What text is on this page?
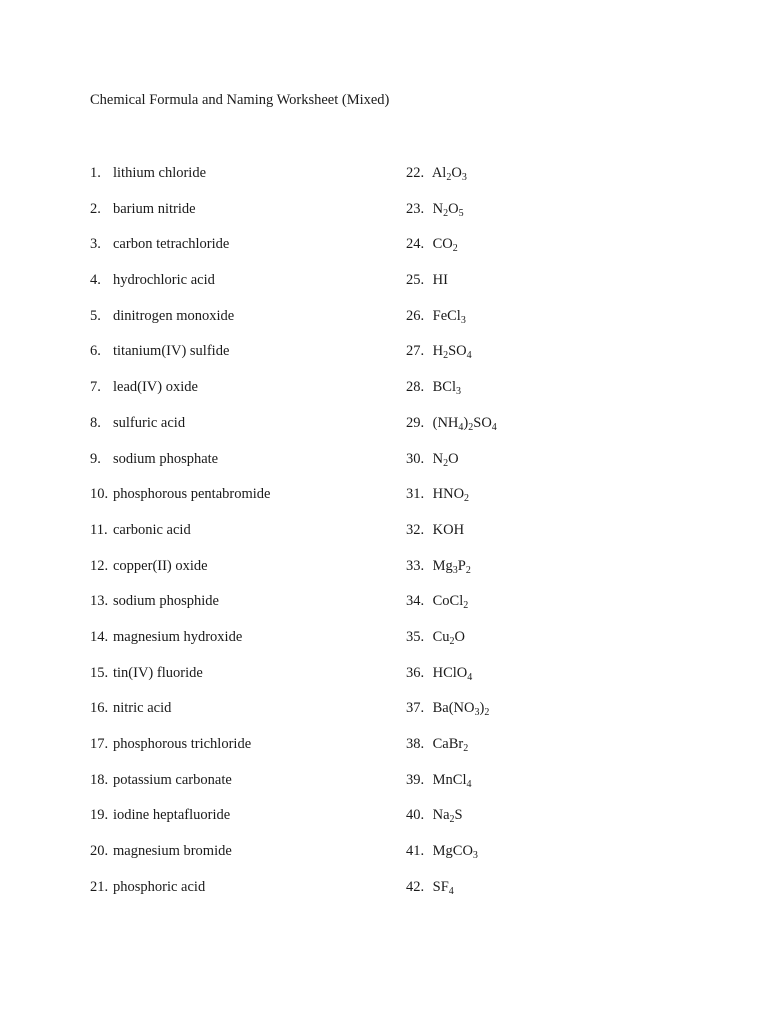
Chemical Formula and Naming Worksheet (Mixed)
1. lithium chloride
2. barium nitride
3. carbon tetrachloride
4. hydrochloric acid
5. dinitrogen monoxide
6. titanium(IV) sulfide
7. lead(IV) oxide
8. sulfuric acid
9. sodium phosphate
10. phosphorous pentabromide
11. carbonic acid
12. copper(II) oxide
13. sodium phosphide
14. magnesium hydroxide
15. tin(IV) fluoride
16. nitric acid
17. phosphorous trichloride
18. potassium carbonate
19. iodine heptafluoride
20. magnesium bromide
21. phosphoric acid
22. $Al_2O_3$
23. $N_2O_5$
24. $CO_2$
25. HI
26. FeCl$_3$
27. $H_2SO_4$
28. BCl$_3$
29. $(NH_4)_2SO_4$
30. $N_2O$
31. $HNO_2$
32. KOH
33. $Mg_3P_2$
34. CoCl$_2$
35. $Cu_2O$
36. HClO$_4$
37. $Ba(NO_3)_2$
38. CaBr$_2$
39. MnCl$_4$
40. $Na_2S$
41. MgCO$_3$
42. $SF_4$
